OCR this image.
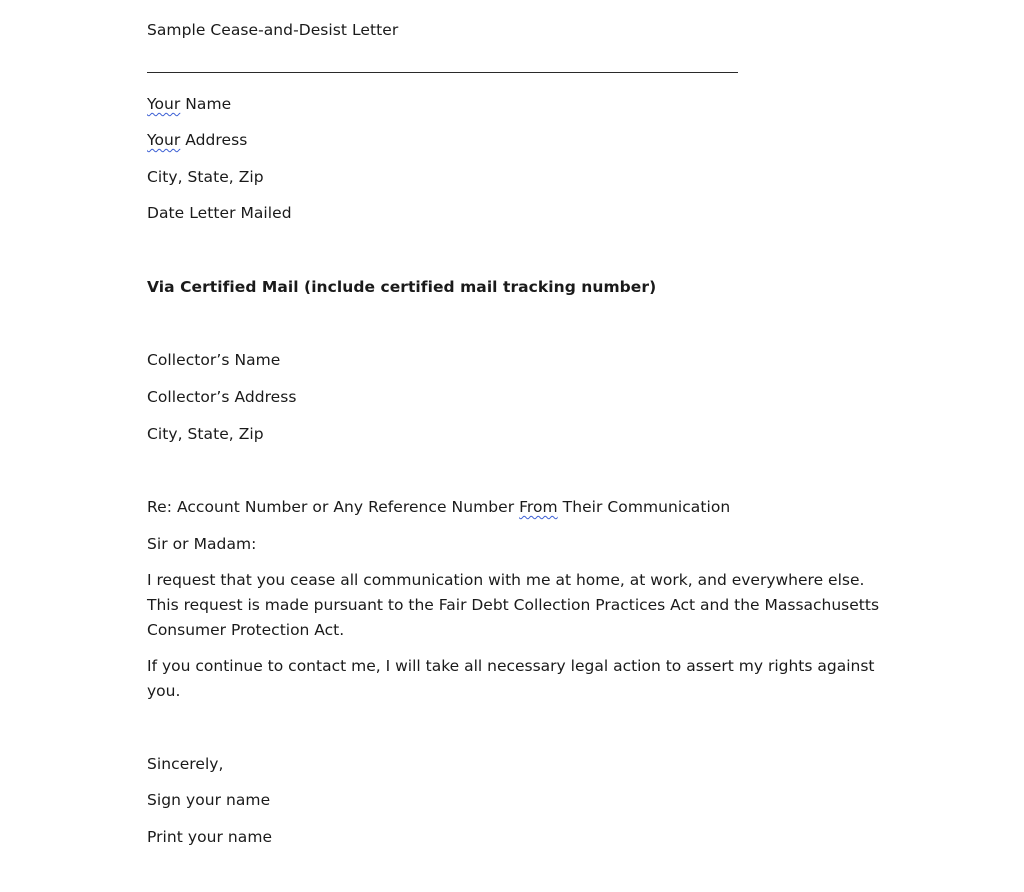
Sample Cease-and-Desist Letter
Your Name
Your Address
City, State, Zip
Date Letter Mailed
Via Certified Mail (include certified mail tracking number)
Collector’s Name
Collector’s Address
City, State, Zip
Re: Account Number or Any Reference Number From Their Communication
Sir or Madam:
I request that you cease all communication with me at home, at work, and everywhere else.
This request is made pursuant to the Fair Debt Collection Practices Act and the Massachusetts
Consumer Protection Act.
If you continue to contact me, I will take all necessary legal action to assert my rights against
you.
Sincerely,
Sign your name
Print your name
